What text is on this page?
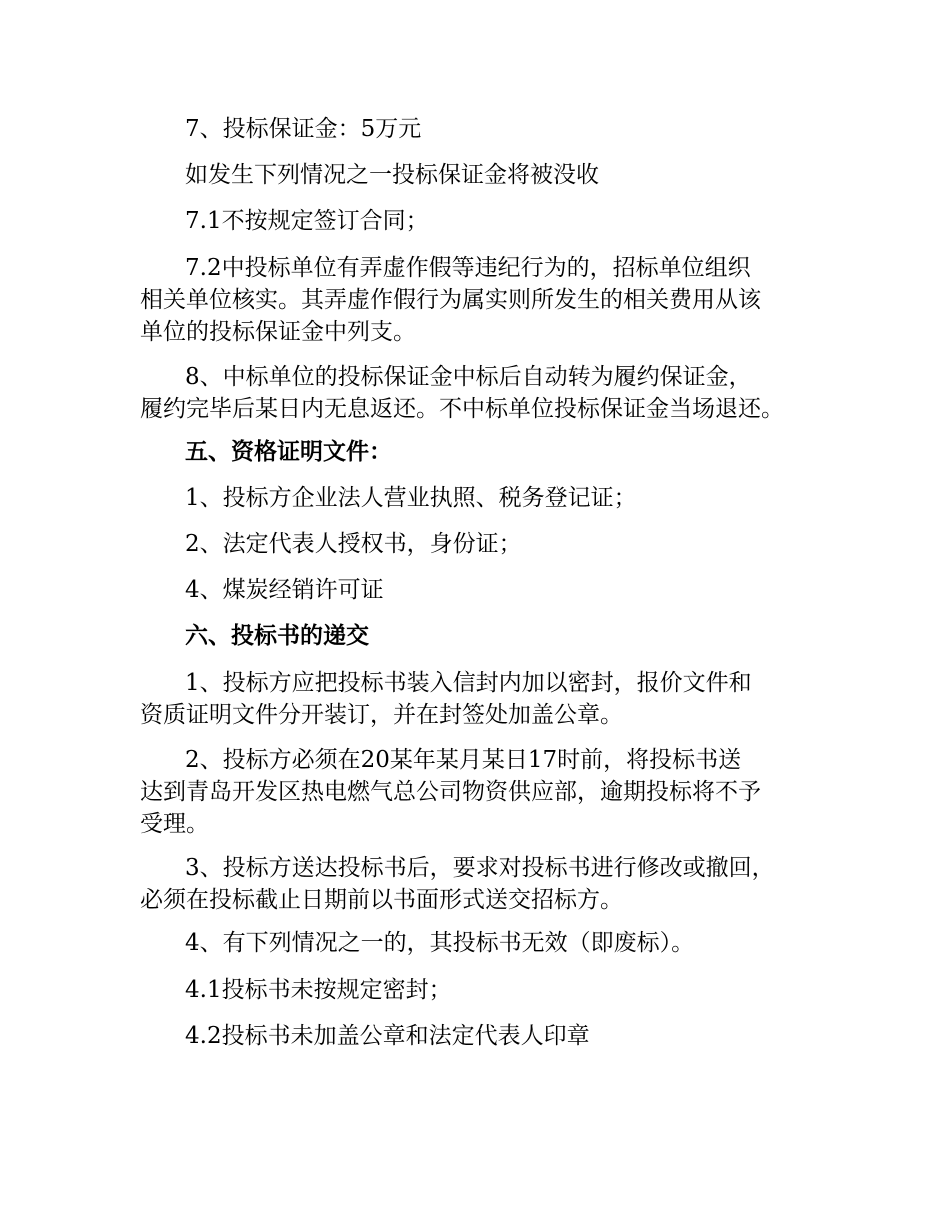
7、投标保证金：5万元

如发生下列情况之一投标保证金将被没收

7.1不按规定签订合同；

7.2中投标单位有弄虚作假等违纪行为的，招标单位组织
相关单位核实。其弄虚作假行为属实则所发生的相关费用从该
单位的投标保证金中列支。

8、中标单位的投标保证金中标后自动转为履约保证金，
履约完毕后某日内无息返还。不中标单位投标保证金当场退还。

五、资格证明文件：

1、投标方企业法人营业执照、税务登记证；

2、法定代表人授权书，身份证；

4、煤炭经销许可证

六、投标书的递交

1、投标方应把投标书装入信封内加以密封，报价文件和
资质证明文件分开装订，并在封签处加盖公章。

2、投标方必须在20某年某月某日17时前，将投标书送
达到青岛开发区热电燃气总公司物资供应部，逾期投标将不予
受理。

3、投标方送达投标书后，要求对投标书进行修改或撤回，
必须在投标截止日期前以书面形式送交招标方。

4、有下列情况之一的，其投标书无效（即废标）。

4.1投标书未按规定密封；

4.2投标书未加盖公章和法定代表人印章
